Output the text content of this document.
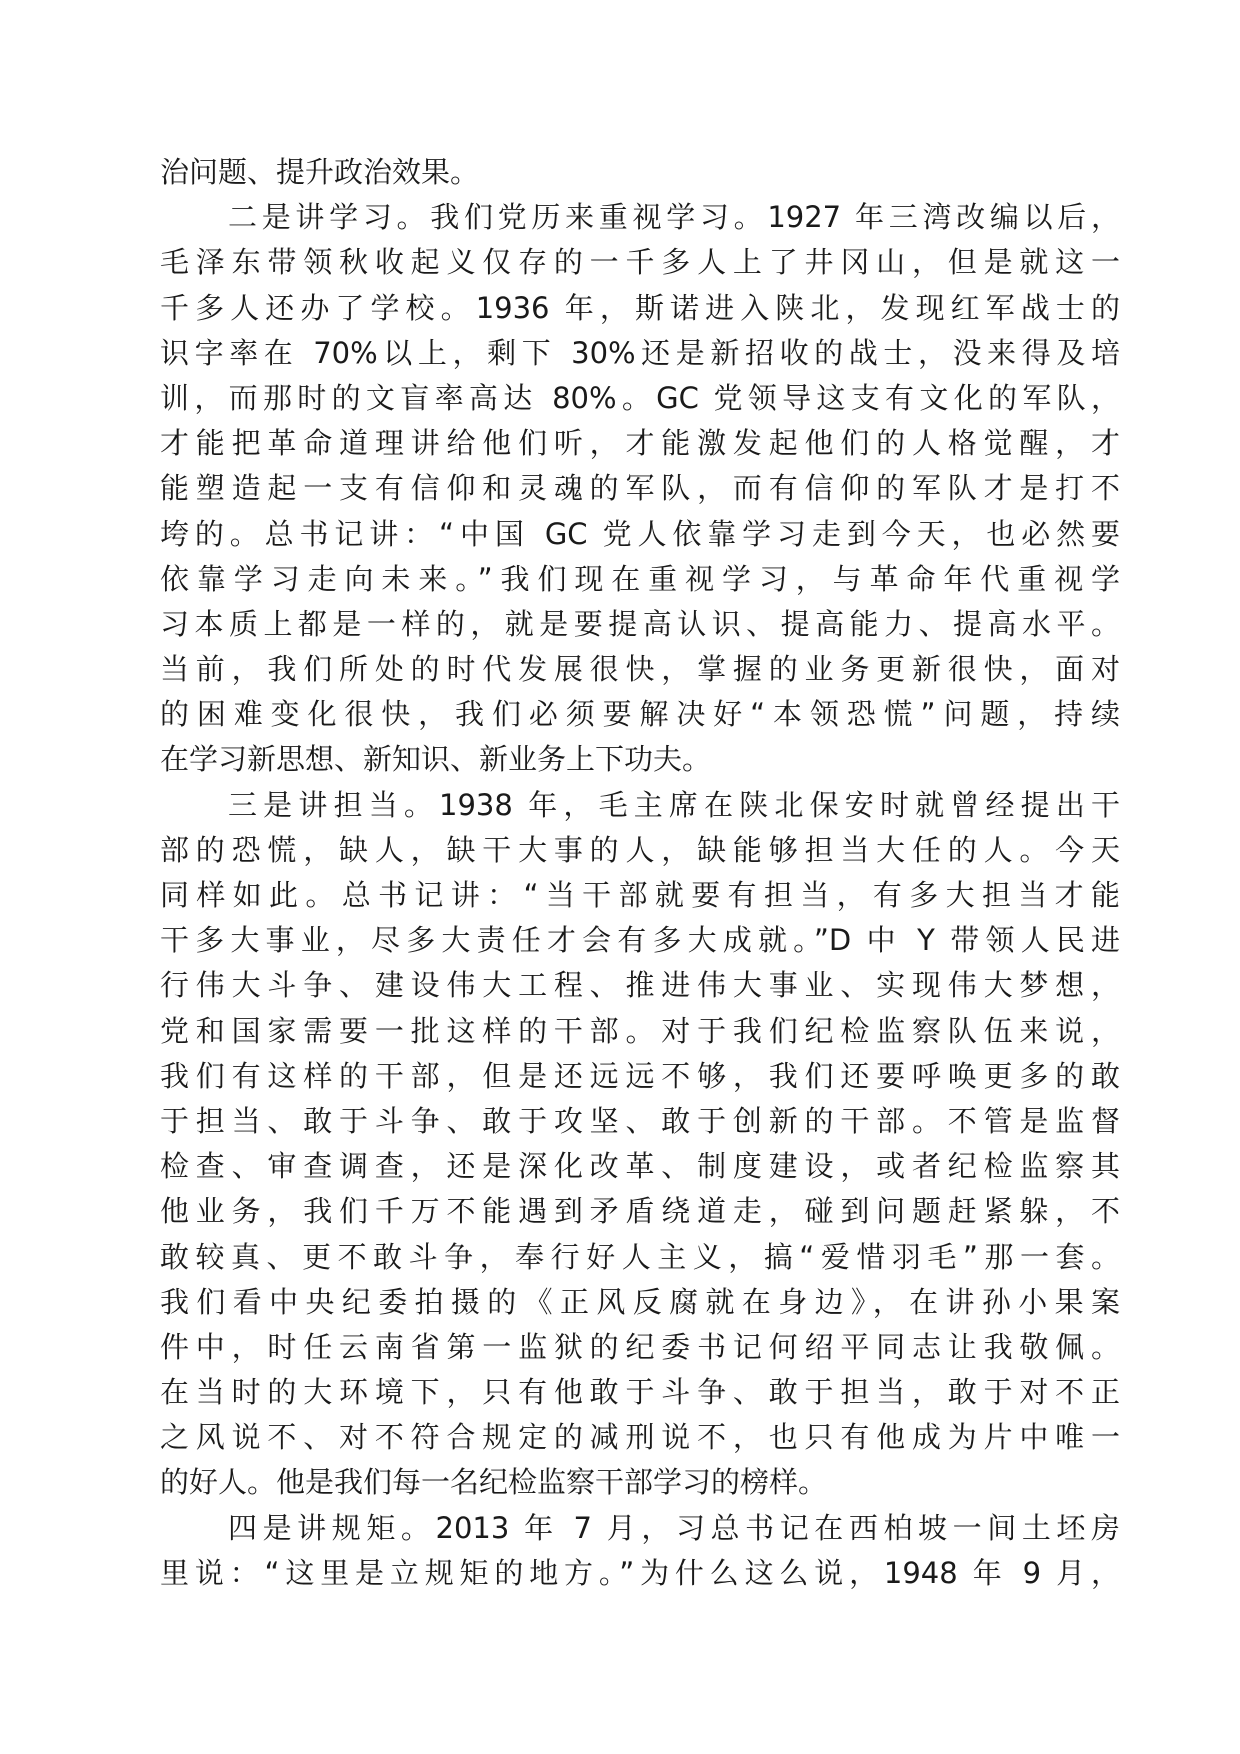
治问题、提升政治效果。
二是讲学习。我们党历来重视学习。1927 年三湾改编以后，
毛泽东带领秋收起义仅存的一千多人上了井冈山，但是就这一
千多人还办了学校。1936 年，斯诺进入陕北，发现红军战士的
识字率在 70%以上，剩下 30%还是新招收的战士，没来得及培
训，而那时的文盲率高达 80%。GC 党领导这支有文化的军队，
才能把革命道理讲给他们听，才能激发起他们的人格觉醒，才
能塑造起一支有信仰和灵魂的军队，而有信仰的军队才是打不
垮的。总书记讲：“中国 GC 党人依靠学习走到今天，也必然要
依靠学习走向未来。”我们现在重视学习，与革命年代重视学
习本质上都是一样的，就是要提高认识、提高能力、提高水平。
当前，我们所处的时代发展很快，掌握的业务更新很快，面对
的困难变化很快，我们必须要解决好“本领恐慌”问题，持续
在学习新思想、新知识、新业务上下功夫。
三是讲担当。1938 年，毛主席在陕北保安时就曾经提出干
部的恐慌，缺人，缺干大事的人，缺能够担当大任的人。今天
同样如此。总书记讲：“当干部就要有担当，有多大担当才能
干多大事业，尽多大责任才会有多大成就。”D 中 Y 带领人民进
行伟大斗争、建设伟大工程、推进伟大事业、实现伟大梦想，
党和国家需要一批这样的干部。对于我们纪检监察队伍来说，
我们有这样的干部，但是还远远不够，我们还要呼唤更多的敢
于担当、敢于斗争、敢于攻坚、敢于创新的干部。不管是监督
检查、审查调查，还是深化改革、制度建设，或者纪检监察其
他业务，我们千万不能遇到矛盾绕道走，碰到问题赶紧躲，不
敢较真、更不敢斗争，奉行好人主义，搞“爱惜羽毛”那一套。
我们看中央纪委拍摄的《正风反腐就在身边》，在讲孙小果案
件中，时任云南省第一监狱的纪委书记何绍平同志让我敬佩。
在当时的大环境下，只有他敢于斗争、敢于担当，敢于对不正
之风说不、对不符合规定的减刑说不，也只有他成为片中唯一
的好人。他是我们每一名纪检监察干部学习的榜样。
四是讲规矩。2013 年 7 月，习总书记在西柏坡一间土坯房
里说：“这里是立规矩的地方。”为什么这么说，1948 年 9 月，
